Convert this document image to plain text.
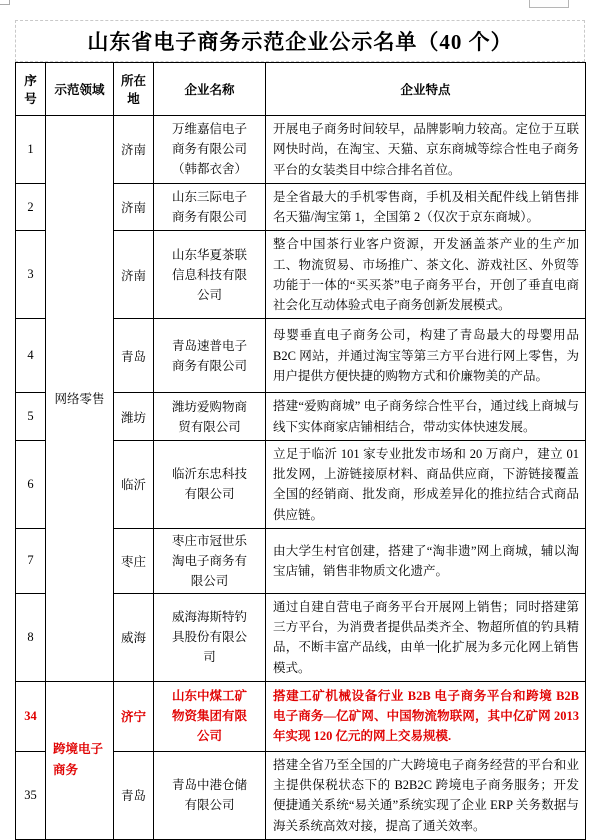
山东省电子商务示范企业公示名单（40 个）
序号	示范领域	所在地	企业名称	企业特点
1	网络零售	济南	万维嘉信电子商务有限公司（韩都衣舍）	开展电子商务时间较早，品牌影响力较高。定位于互联网快时尚，在淘宝、天猫、京东商城等综合性电子商务平台的女装类目中综合排名首位。
2		济南	山东三际电子商务有限公司	是全省最大的手机零售商，手机及相关配件线上销售排名天猫/淘宝第 1，全国第 2（仅次于京东商城）。
3		济南	山东华夏茶联信息科技有限公司	整合中国茶行业客户资源，开发涵盖茶产业的生产加工、物流贸易、市场推广、茶文化、游戏社区、外贸等功能于一体的“买买茶”电子商务平台，开创了垂直电商社会化互动体验式电子商务创新发展模式。
4		青岛	青岛速普电子商务有限公司	母婴垂直电子商务公司，构建了青岛最大的母婴用品 B2C 网站，并通过淘宝等第三方平台进行网上零售，为用户提供方便快捷的购物方式和价廉物美的产品。
5		潍坊	潍坊爱购物商贸有限公司	搭建“爱购商城” 电子商务综合性平台，通过线上商城与线下实体商家店铺相结合，带动实体快速发展。
6		临沂	临沂东忠科技有限公司	立足于临沂 101 家专业批发市场和 20 万商户，建立 01 批发网，上游链接原材料、商品供应商，下游链接覆盖全国的经销商、批发商，形成差异化的推拉结合式商品供应链。
7		枣庄	枣庄市冠世乐淘电子商务有限公司	由大学生村官创建，搭建了“淘非遗”网上商城，辅以淘宝店铺，销售非物质文化遗产。
8		威海	威海海斯特钓具股份有限公司	通过自建自营电子商务平台开展网上销售；同时搭建第三方平台，为消费者提供品类齐全、物超所值的钓具精品，不断丰富产品线，由单一化扩展为多元化网上销售模式。
34	跨境电子商务	济宁	山东中煤工矿物资集团有限公司	搭建工矿机械设备行业 B2B 电子商务平台和跨境 B2B 电子商务—亿矿网、中国物流物联网，其中亿矿网 2013 年实现 120 亿元的网上交易规模.
35		青岛	青岛中港仓储有限公司	搭建全省乃至全国的广大跨境电子商务经营的平台和业主提供保税状态下的 B2B2C 跨境电子商务服务；开发便捷通关系统“易关通”系统实现了企业 ERP 关务数据与海关系统高效对接，提高了通关效率。
